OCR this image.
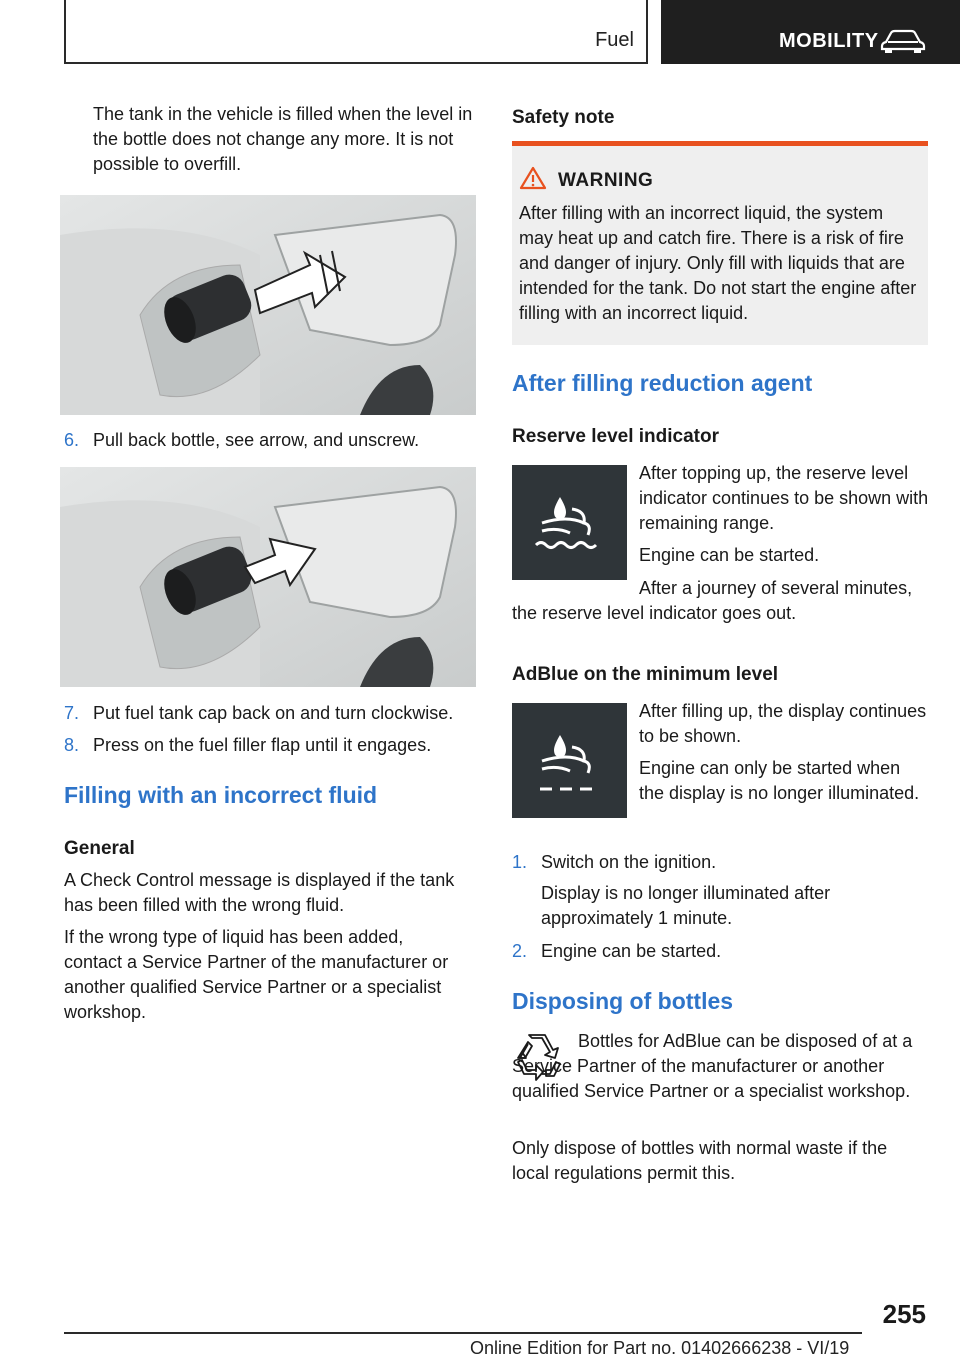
Fuel	MOBILITY

The tank in the vehicle is filled when the level in the bottle does not change any more. It is not possible to overfill.

6. Pull back bottle, see arrow, and unscrew.
7. Put fuel tank cap back on and turn clockwise.
8. Press on the fuel filler flap until it engages.
Filling with an incorrect fluid
General

A Check Control message is displayed if the tank has been filled with the wrong fluid.

If the wrong type of liquid has been added, contact a Service Partner of the manufacturer or another qualified Service Partner or a specialist workshop.

Safety note
WARNING

After filling with an incorrect liquid, the system may heat up and catch fire. There is a risk of fire and danger of injury. Only fill with liquids that are intended for the tank. Do not start the engine after filling with an incorrect liquid.

After filling reduction agent
Reserve level indicator

After topping up, the reserve level indicator continues to be shown with remaining range.

Engine can be started.

After a journey of several minutes, the reserve level indicator goes out.

AdBlue on the minimum level

After filling up, the display continues to be shown.

Engine can only be started when the display is no longer illuminated.

1. Switch on the ignition.

Display is no longer illuminated after approximately 1 minute.

2. Engine can be started.
Disposing of bottles

Bottles for AdBlue can be disposed of at a Service Partner of the manufacturer or another qualified Service Partner or a specialist workshop.

Only dispose of bottles with normal waste if the local regulations permit this.

255
Online Edition for Part no. 01402666238 - VI/19
